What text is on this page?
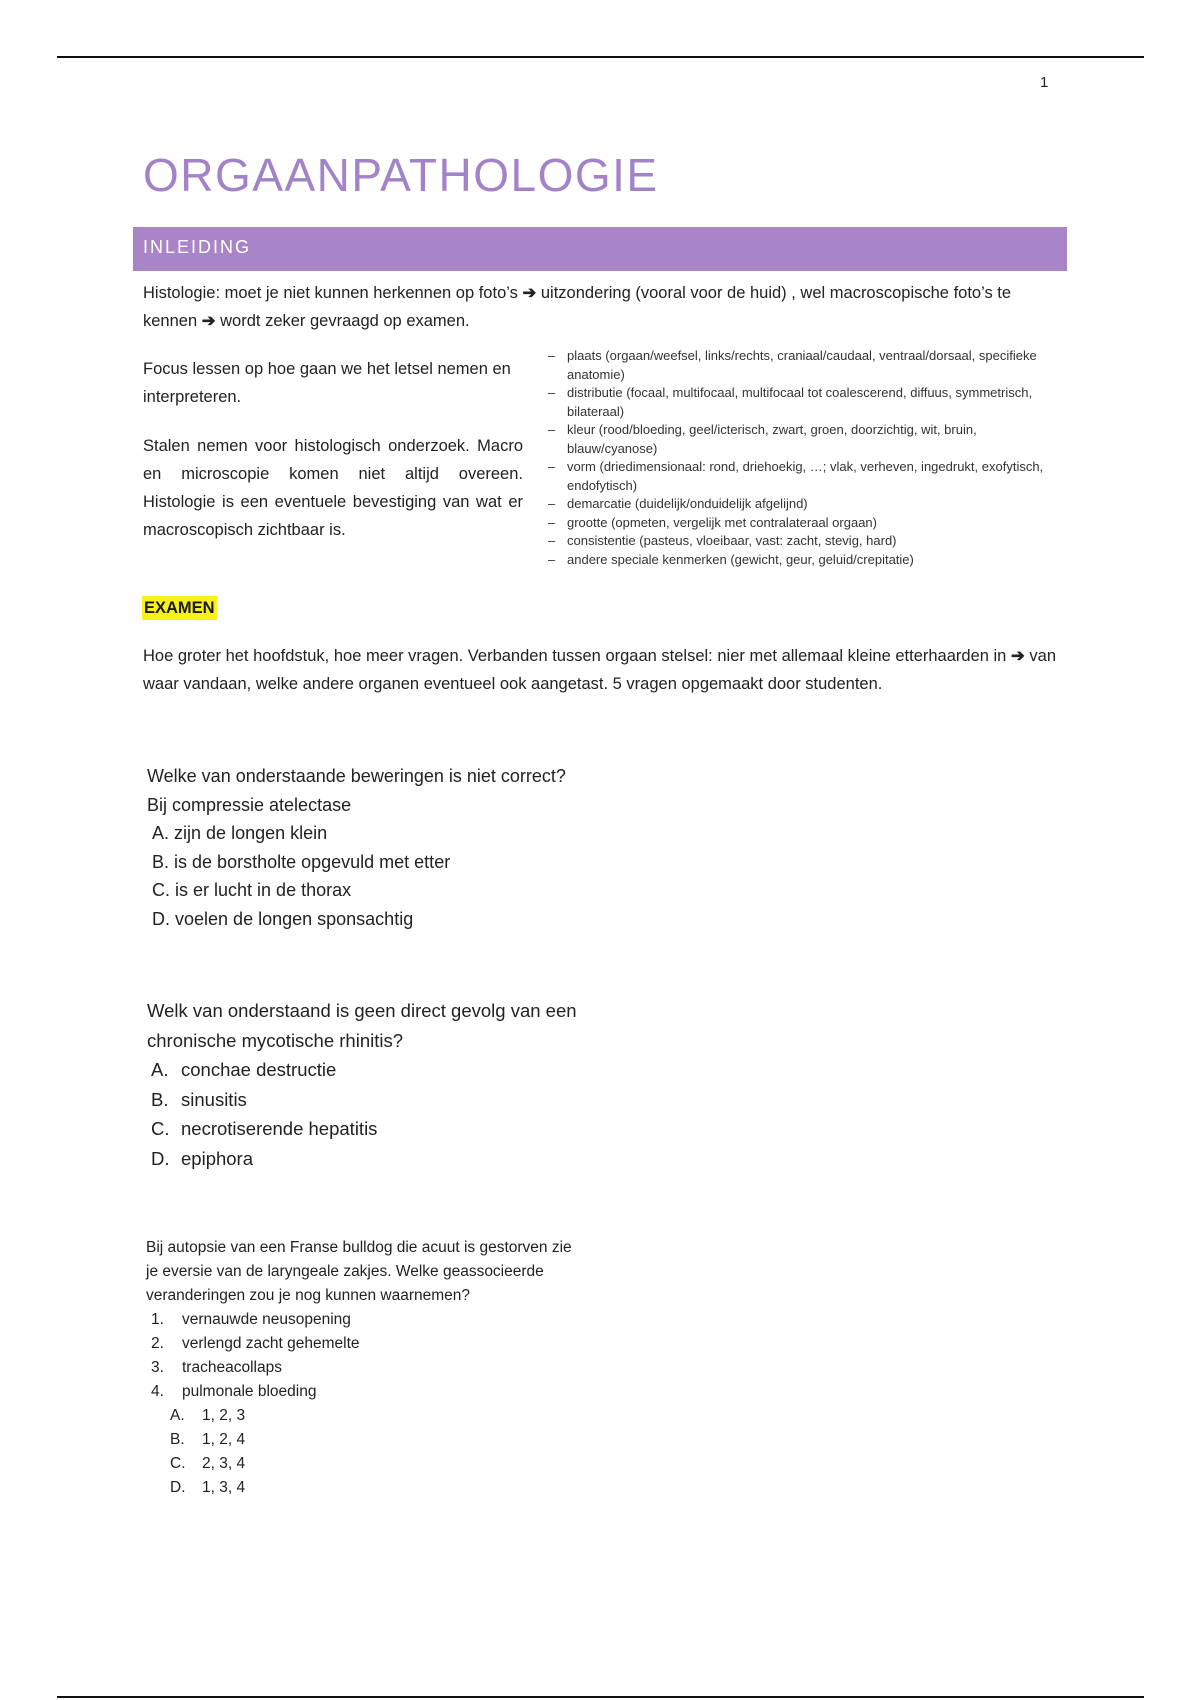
1
ORGAANPATHOLOGIE
INLEIDING

Histologie: moet je niet kunnen herkennen op foto’s ➔ uitzondering (vooral voor de huid) , wel macroscopische foto’s te kennen ➔ wordt zeker gevraagd op examen.

Focus lessen op hoe gaan we het letsel nemen en interpreteren.

Stalen nemen voor histologisch onderzoek. Macro en microscopie komen niet altijd overeen. Histologie is een eventuele bevestiging van wat er macroscopisch zichtbaar is.

– plaats (orgaan/weefsel, links/rechts, craniaal/caudaal, ventraal/dorsaal, specifieke anatomie)
– distributie (focaal, multifocaal, multifocaal tot coalescerend, diffuus, symmetrisch, bilateraal)
– kleur (rood/bloeding, geel/icterisch, zwart, groen, doorzichtig, wit, bruin, blauw/cyanose)
– vorm (driedimensionaal: rond, driehoekig, …; vlak, verheven, ingedrukt, exofytisch, endofytisch)
– demarcatie (duidelijk/onduidelijk afgelijnd)
– grootte (opmeten, vergelijk met contralateraal orgaan)
– consistentie (pasteus, vloeibaar, vast: zacht, stevig, hard)
– andere speciale kenmerken (gewicht, geur, geluid/crepitatie)
EXAMEN

Hoe groter het hoofdstuk, hoe meer vragen. Verbanden tussen orgaan stelsel: nier met allemaal kleine etterhaarden in ➔ van waar vandaan, welke andere organen eventueel ook aangetast. 5 vragen opgemaakt door studenten.

Welke van onderstaande beweringen is niet correct?
Bij compressie atelectase
A. zijn de longen klein
B. is de borstholte opgevuld met etter
C. is er lucht in de thorax
D. voelen de longen sponsachtig
Welk van onderstaand is geen direct gevolg van een
chronische mycotische rhinitis?
A. conchae destructie
B. sinusitis
C. necrotiserende hepatitis
D. epiphora
Bij autopsie van een Franse bulldog die acuut is gestorven zie
je eversie van de laryngeale zakjes. Welke geassocieerde
veranderingen zou je nog kunnen waarnemen?
1. vernauwde neusopening
2. verlengd zacht gehemelte
3. tracheacollaps
4. pulmonale bloeding
A. 1, 2, 3
B. 1, 2, 4
C. 2, 3, 4
D. 1, 3, 4
